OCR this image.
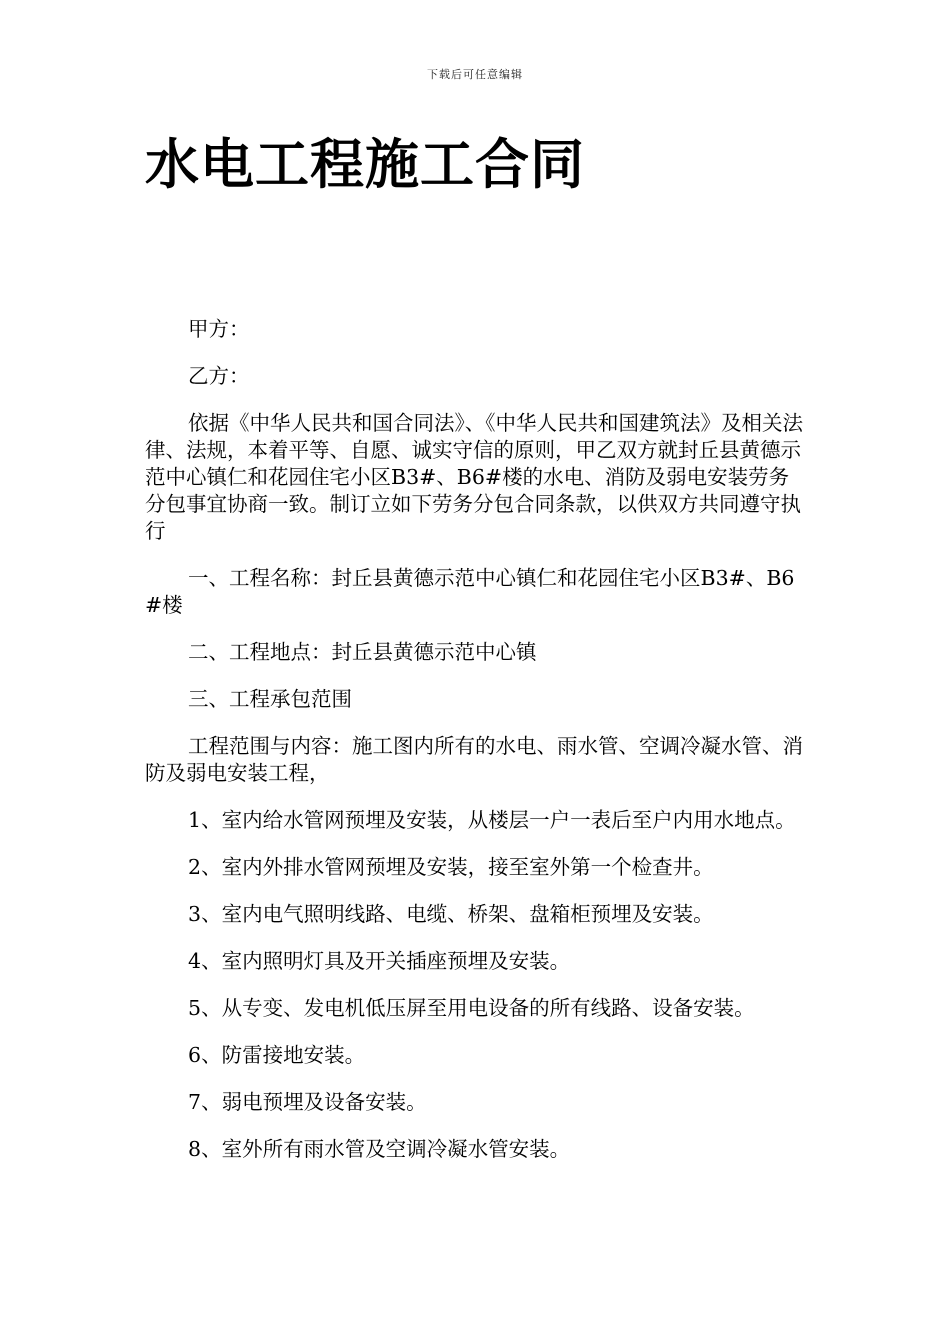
下载后可任意编辑
水电工程施工合同

甲方：

乙方：

依据《中华人民共和国合同法》、《中华人民共和国建筑法》及相关法律、法规，本着平等、自愿、诚实守信的原则，甲乙双方就封丘县黄德示范中心镇仁和花园住宅小区B3#、B6#楼的水电、消防及弱电安装劳务分包事宜协商一致。制订立如下劳务分包合同条款，以供双方共同遵守执行

一、工程名称：封丘县黄德示范中心镇仁和花园住宅小区B3#、B6#楼

二、工程地点：封丘县黄德示范中心镇

三、工程承包范围

工程范围与内容：施工图内所有的水电、雨水管、空调冷凝水管、消防及弱电安装工程，

1、室内给水管网预埋及安装，从楼层一户一表后至户内用水地点。

2、室内外排水管网预埋及安装，接至室外第一个检查井。

3、室内电气照明线路、电缆、桥架、盘箱柜预埋及安装。

4、室内照明灯具及开关插座预埋及安装。

5、从专变、发电机低压屏至用电设备的所有线路、设备安装。

6、防雷接地安装。

7、弱电预埋及设备安装。

8、室外所有雨水管及空调冷凝水管安装。
